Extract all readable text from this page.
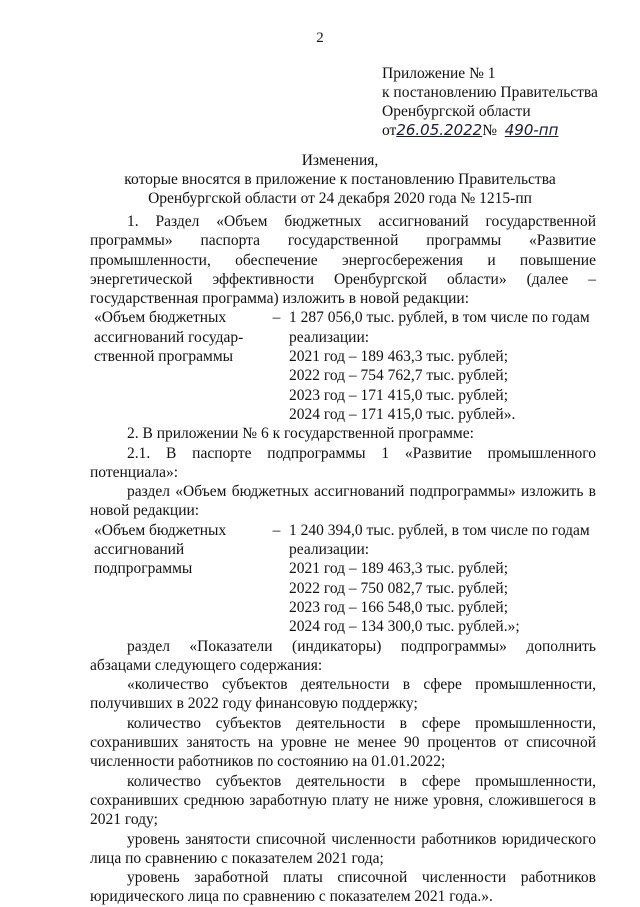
2
Приложение № 1
к постановлению Правительства
Оренбургской области
от26.05.2022№ 490-пп
Изменения,
которые вносятся в приложение к постановлению Правительства
Оренбургской области от 24 декабря 2020 года № 1215-пп

1. Раздел «Объем бюджетных ассигнований государственной программы» паспорта государственной программы «Развитие промышленности, обеспечение энергосбережения и повышение энергетической эффективности Оренбургской области» (далее – государственная программа) изложить в новой редакции:

«Объем бюджетных
ассигнований государ-
ственной программы
	–	1 287 056,0 тыс. рублей, в том числе по годам
реализации:
2021 год – 189 463,3 тыс. рублей;
2022 год – 754 762,7 тыс. рублей;
2023 год – 171 415,0 тыс. рублей;
2024 год – 171 415,0 тыс. рублей».

2. В приложении № 6 к государственной программе:

2.1. В паспорте подпрограммы 1 «Развитие промышленного потенциала»:

раздел «Объем бюджетных ассигнований подпрограммы» изложить в новой редакции:

«Объем бюджетных
ассигнований
подпрограммы
	–	1 240 394,0 тыс. рублей, в том числе по годам
реализации:
2021 год – 189 463,3 тыс. рублей;
2022 год – 750 082,7 тыс. рублей;
2023 год – 166 548,0 тыс. рублей;
2024 год – 134 300,0 тыс. рублей.»;

раздел «Показатели (индикаторы) подпрограммы» дополнить абзацами следующего содержания:

«количество субъектов деятельности в сфере промышленности, получивших в 2022 году финансовую поддержку;

количество субъектов деятельности в сфере промышленности, сохранивших занятость на уровне не менее 90 процентов от списочной численности работников по состоянию на 01.01.2022;

количество субъектов деятельности в сфере промышленности, сохранивших среднюю заработную плату не ниже уровня, сложившегося в 2021 году;

уровень занятости списочной численности работников юридического лица по сравнению с показателем 2021 года;

уровень заработной платы списочной численности работников юридического лица по сравнению с показателем 2021 года.».
